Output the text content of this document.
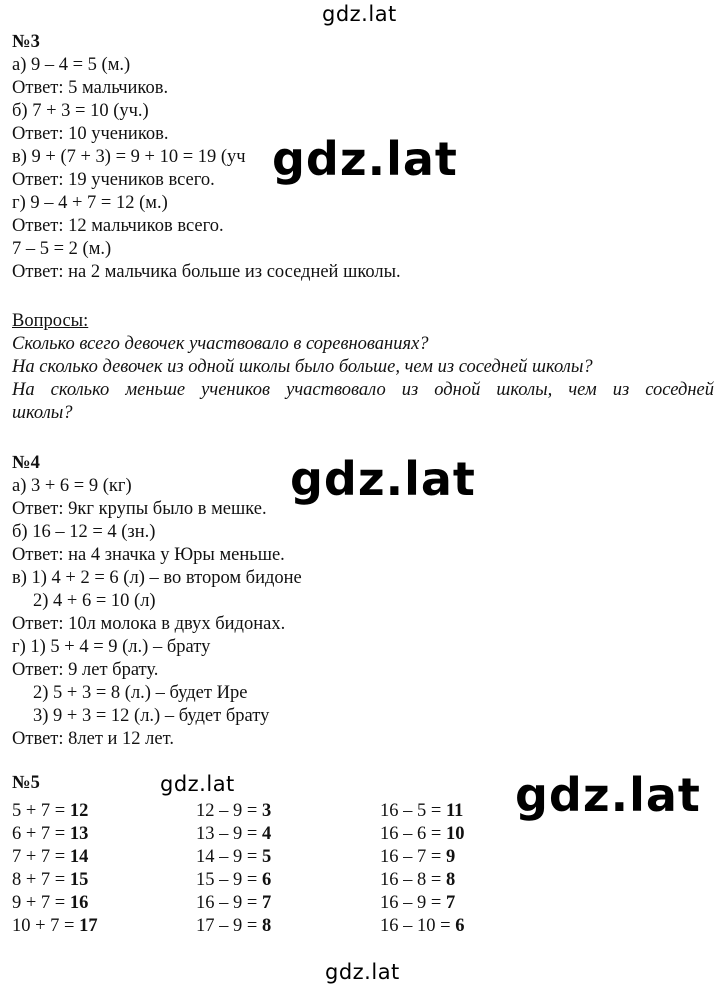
gdz.lat
gdz.lat
gdz.lat
gdz.lat	gdz.lat
gdz.lat
№3
а) 9 – 4 = 5 (м.)
Ответ: 5 мальчиков.
б) 7 + 3 = 10 (уч.)
Ответ: 10 учеников.
в) 9 + (7 + 3) = 9 + 10 = 19 (уч
Ответ: 19 учеников всего.
г) 9 – 4 + 7 = 12 (м.)
Ответ: 12 мальчиков всего.
7 – 5 = 2 (м.)
Ответ: на 2 мальчика больше из соседней школы.
Вопросы:
Сколько всего девочек участвовало в соревнованиях?
На сколько девочек из одной школы было больше, чем из соседней школы?
На сколько меньше учеников участвовало из одной школы, чем из соседней
школы?
№4
а) 3 + 6 = 9 (кг)
Ответ: 9кг крупы было в мешке.
б) 16 – 12 = 4 (зн.)
Ответ: на 4 значка у Юры меньше.
в) 1) 4 + 2 = 6 (л) – во втором бидоне
2) 4 + 6 = 10 (л)
Ответ: 10л молока в двух бидонах.
г) 1) 5 + 4 = 9 (л.) – брату
Ответ: 9 лет брату.
2) 5 + 3 = 8 (л.) – будет Ире
3) 9 + 3 = 12 (л.) – будет брату
Ответ: 8лет и 12 лет.
№5
5 + 7 = 12
6 + 7 = 13
7 + 7 = 14
8 + 7 = 15
9 + 7 = 16
10 + 7 = 17
12 – 9 = 3
13 – 9 = 4
14 – 9 = 5
15 – 9 = 6
16 – 9 = 7
17 – 9 = 8
16 – 5 = 11
16 – 6 = 10
16 – 7 = 9
16 – 8 = 8
16 – 9 = 7
16 – 10 = 6
